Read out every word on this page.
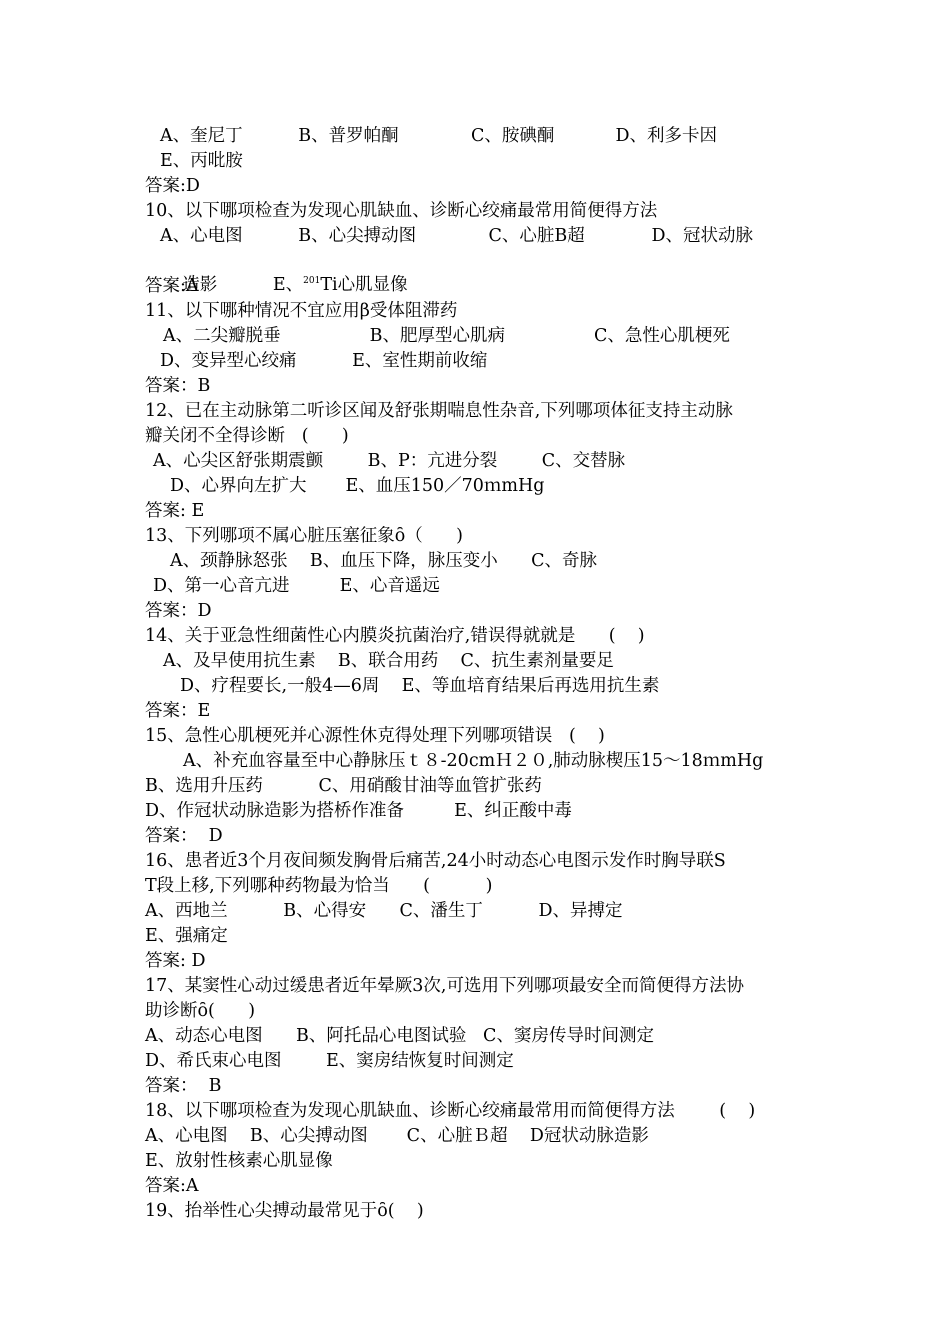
A、奎尼丁          B、普罗帕酮             C、胺碘酮           D、利多卡因
E、丙吡胺
答案:D
10、以下哪项检查为发现心肌缺血、诊断心绞痛最常用简便得方法
A、心电图          B、心尖搏动图             C、心脏B超            D、冠状动脉

造影          E、$^{201}$Ti心肌显像

答案:A
11、以下哪种情况不宜应用β受体阻滞药
A、二尖瓣脱垂                B、肥厚型心肌病                C、急性心肌梗死
D、变异型心绞痛          E、室性期前收缩
答案：B
12、已在主动脉第二听诊区闻及舒张期喘息性杂音,下列哪项体征支持主动脉
瓣关闭不全得诊断   (      )
A、心尖区舒张期震颤        B、P：亢进分裂        C、交替脉
D、心界向左扩大       E、血压150／70ｍmHg
答案: E
13、下列哪项不属心脏压塞征象ȏ（      )
A、颈静脉怒张    B、血压下降，脉压变小      C、奇脉
D、第一心音亢进         E、心音遥远
答案：D
14、关于亚急性细菌性心内膜炎抗菌治疗,错误得就就是      (    )
A、及早使用抗生素    B、联合用药    C、抗生素剂量要足
D、疗程要长,一般4—6周    E、等血培育结果后再选用抗生素
答案：E
15、急性心肌梗死并心源性休克得处理下列哪项错误   (    )
A、补充血容量至中心静脉压ｔ８-20cmＨ２０,肺动脉楔压15～18ｍmHg
B、选用升压药          C、用硝酸甘油等血管扩张药
D、作冠状动脉造影为搭桥作准备         E、纠正酸中毒
答案：  D
16、患者近3个月夜间频发胸骨后痛苦,24小时动态心电图示发作时胸导联S
T段上移,下列哪种药物最为恰当      (          )
A、西地兰          B、心得安      C、潘生丁          D、异搏定
E、强痛定
答案: D
17、某窦性心动过缓患者近年晕厥3次,可选用下列哪项最安全而简便得方法协
助诊断ȏ(      )
A、动态心电图      B、阿托品心电图试验   C、窦房传导时间测定
D、希氏束心电图        E、窦房结恢复时间测定
答案：  B
18、以下哪项检查为发现心肌缺血、诊断心绞痛最常用而简便得方法        (    )
A、心电图    B、心尖搏动图       C、心脏Ｂ超    D冠状动脉造影
E、放射性核素心肌显像
答案:A
19、抬举性心尖搏动最常见于ȏ(    )
